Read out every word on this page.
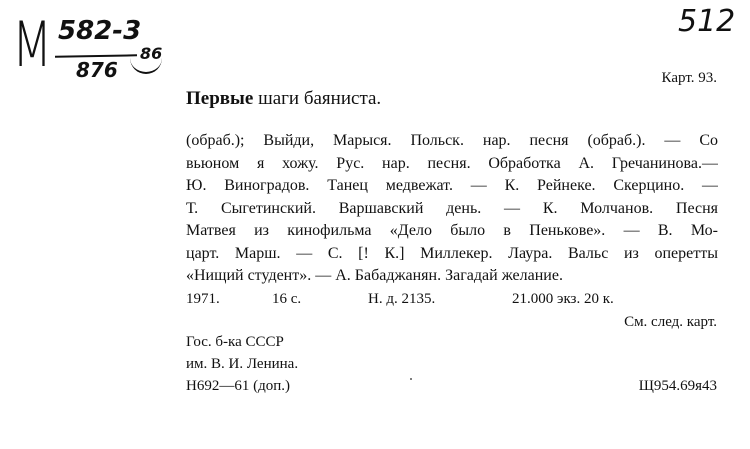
М 582-3
876
86
512
Карт. 93.
Первые шаги баяниста.
(обраб.); Выйди, Марыся. Польск. нар. песня (обраб.). — Со
вьюном я хожу. Рус. нар. песня. Обработка А. Гречанинова.—
Ю. Виноградов. Танец медвежат. — К. Рейнеке. Скерцино. —
Т. Сыгетинский. Варшавский день. — К. Молчанов. Песня
Матвея из кинофильма «Дело было в Пенькове». — В. Мо-
царт. Марш. — С. [! К.] Миллекер. Лаура. Вальс из оперетты
«Нищий студент». — А. Бабаджанян. Загадай желание.
1971.	16 с.	Н. д. 2135.	21.000 экз. 20 к.
См. след. карт.
Гос. б-ка СССР
им. В. И. Ленина.
Н692—61 (доп.)	Щ954.69я43
